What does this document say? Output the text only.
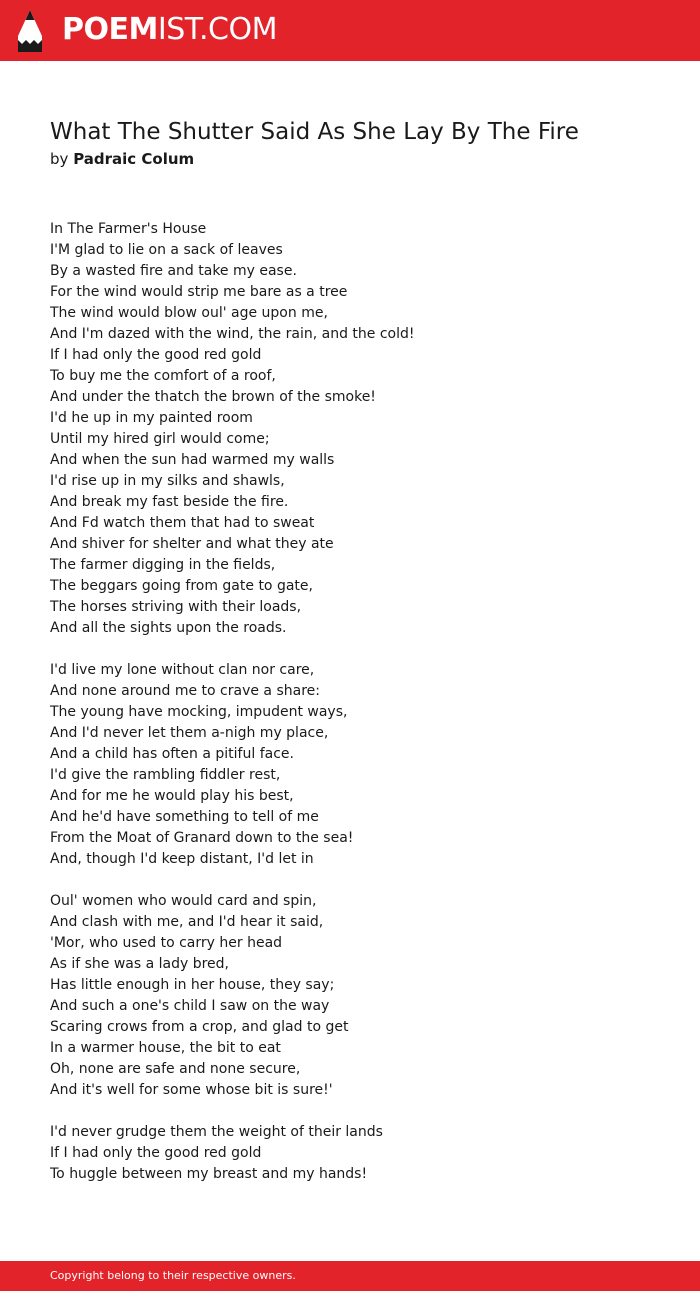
POEMIST.COM
What The Shutter Said As She Lay By The Fire
by Padraic Colum
In The Farmer's House
I'M glad to lie on a sack of leaves
By a wasted fire and take my ease.
For the wind would strip me bare as a tree
The wind would blow oul' age upon me,
And I'm dazed with the wind, the rain, and the cold!
If I had only the good red gold
To buy me the comfort of a roof,
And under the thatch the brown of the smoke!
I'd he up in my painted room
Until my hired girl would come;
And when the sun had warmed my walls
I'd rise up in my silks and shawls,
And break my fast beside the fire.
And Fd watch them that had to sweat
And shiver for shelter and what they ate
The farmer digging in the fields,
The beggars going from gate to gate,
The horses striving with their loads,
And all the sights upon the roads.
I'd live my lone without clan nor care,
And none around me to crave a share:
The young have mocking, impudent ways,
And I'd never let them a-nigh my place,
And a child has often a pitiful face.
I'd give the rambling fiddler rest,
And for me he would play his best,
And he'd have something to tell of me
From the Moat of Granard down to the sea!
And, though I'd keep distant, I'd let in
Oul' women who would card and spin,
And clash with me, and I'd hear it said,
'Mor, who used to carry her head
As if she was a lady bred,
Has little enough in her house, they say;
And such a one's child I saw on the way
Scaring crows from a crop, and glad to get
In a warmer house, the bit to eat
Oh, none are safe and none secure,
And it's well for some whose bit is sure!'
I'd never grudge them the weight of their lands
If I had only the good red gold
To huggle between my breast and my hands!
Copyright belong to their respective owners.
